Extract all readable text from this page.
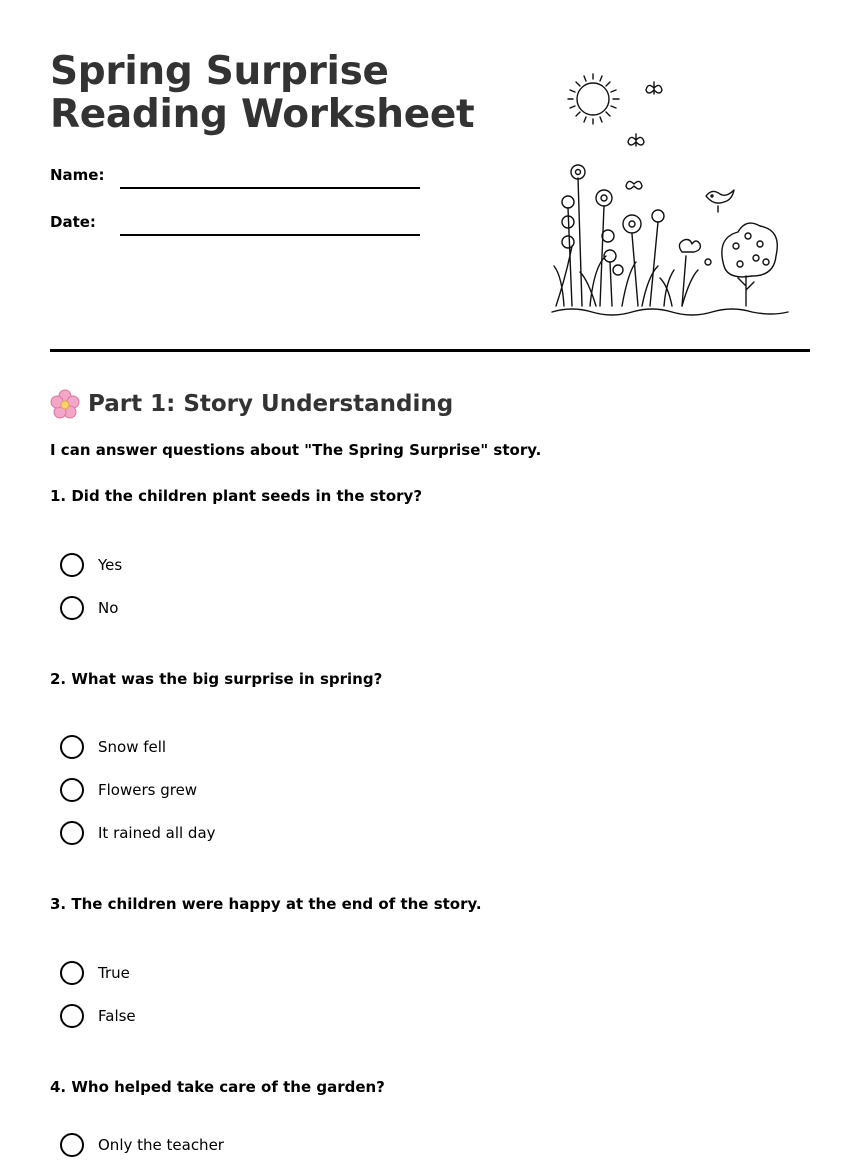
Spring Surprise Reading Worksheet
Name:
Date:
Part 1: Story Understanding
I can answer questions about "The Spring Surprise" story.
1. Did the children plant seeds in the story?
Yes
No
2. What was the big surprise in spring?
Snow fell
Flowers grew
It rained all day
3. The children were happy at the end of the story.
True
False
4. Who helped take care of the garden?
Only the teacher
